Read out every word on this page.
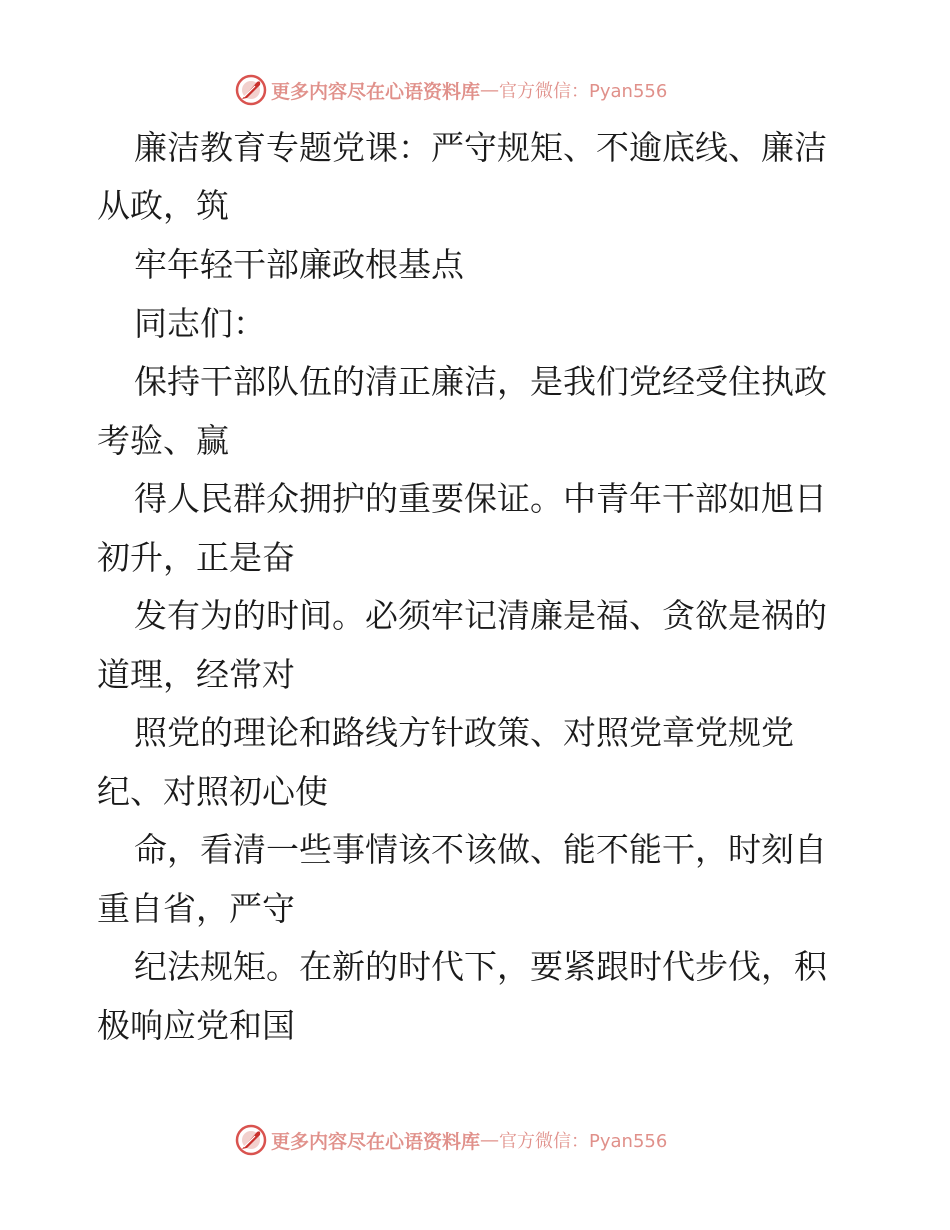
更多内容尽在心语资料库 — 官方微信：Pyan556

廉洁教育专题党课：严守规矩、不逾底线、廉洁

从政，筑

牢年轻干部廉政根基点

同志们：

保持干部队伍的清正廉洁，是我们党经受住执政

考验、赢

得人民群众拥护的重要保证。中青年干部如旭日

初升，正是奋

发有为的时间。必须牢记清廉是福、贪欲是祸的

道理，经常对

照党的理论和路线方针政策、对照党章党规党

纪、对照初心使

命，看清一些事情该不该做、能不能干，时刻自

重自省，严守

纪法规矩。在新的时代下，要紧跟时代步伐，积

极响应党和国

更多内容尽在心语资料库 — 官方微信：Pyan556
